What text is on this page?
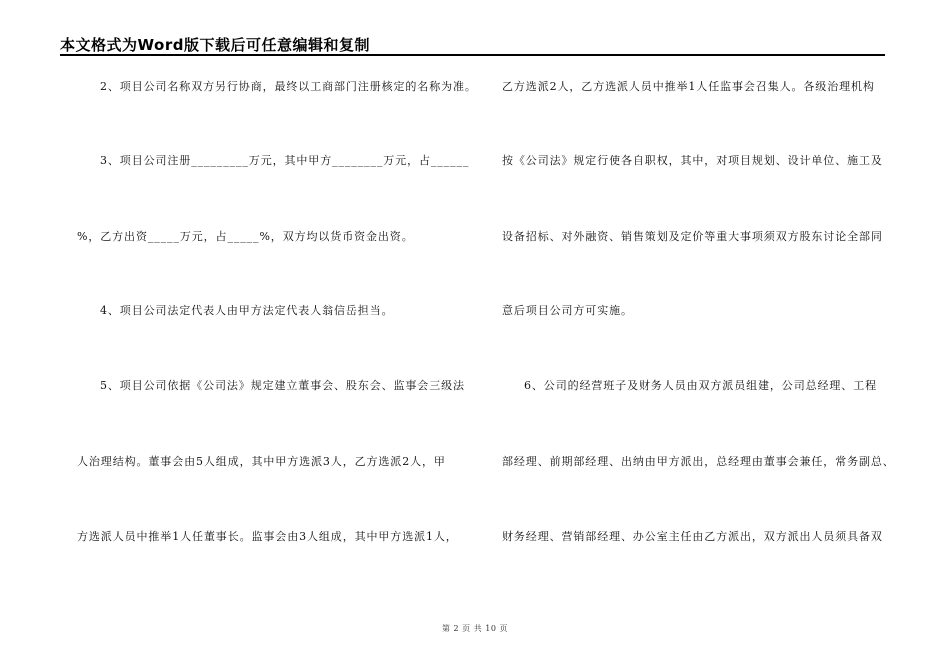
本文格式为Word版下载后可任意编辑和复制
2、项目公司名称双方另行协商，最终以工商部门注册核定的名称为准。
3、项目公司注册_________万元，其中甲方________万元，占______
%，乙方出资_____万元，占_____%，双方均以货币资金出资。
4、项目公司法定代表人由甲方法定代表人翁信岳担当。
5、项目公司依据《公司法》规定建立董事会、股东会、监事会三级法
人治理结构。董事会由5人组成，其中甲方选派3人，乙方选派2人，甲
方选派人员中推举1人任董事长。监事会由3人组成，其中甲方选派1人，
乙方选派2人，乙方选派人员中推举1人任监事会召集人。各级治理机构
按《公司法》规定行使各自职权，其中，对项目规划、设计单位、施工及
设备招标、对外融资、销售策划及定价等重大事项须双方股东讨论全部同
意后项目公司方可实施。
6、公司的经营班子及财务人员由双方派员组建，公司总经理、工程
部经理、前期部经理、出纳由甲方派出，总经理由董事会兼任，常务副总、
财务经理、营销部经理、办公室主任由乙方派出，双方派出人员须具备双
第 2 页 共 10 页
